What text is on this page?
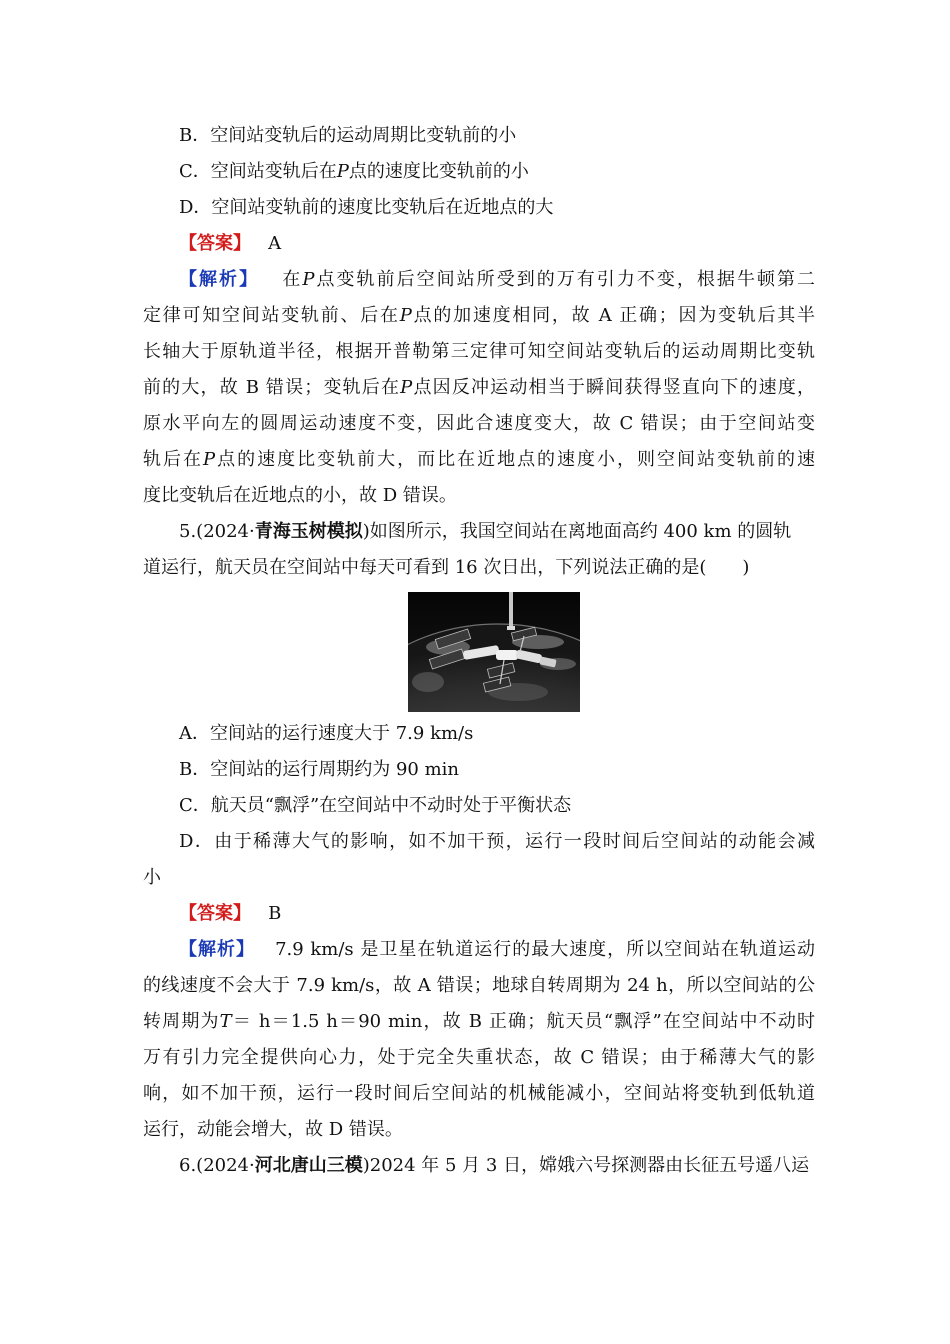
B．空间站变轨后的运动周期比变轨前的小
C．空间站变轨后在P点的速度比变轨前的小
D．空间站变轨前的速度比变轨后在近地点的大
【答案】 A
【解析】 在P点变轨前后空间站所受到的万有引力不变，根据牛顿第二
定律可知空间站变轨前、后在P点的加速度相同，故 A 正确；因为变轨后其半
长轴大于原轨道半径，根据开普勒第三定律可知空间站变轨后的运动周期比变轨
前的大，故 B 错误；变轨后在P点因反冲运动相当于瞬间获得竖直向下的速度，
原水平向左的圆周运动速度不变，因此合速度变大，故 C 错误；由于空间站变
轨后在P点的速度比变轨前大，而比在近地点的速度小，则空间站变轨前的速
度比变轨后在近地点的小，故 D 错误。
5.(2024·青海玉树模拟)如图所示，我国空间站在离地面高约 400 km 的圆轨
道运行，航天员在空间站中每天可看到 16 次日出，下列说法正确的是(　　)
A．空间站的运行速度大于 7.9 km/s
B．空间站的运行周期约为 90 min
C．航天员“飘浮”在空间站中不动时处于平衡状态
D．由于稀薄大气的影响，如不加干预，运行一段时间后空间站的动能会减
小
【答案】 B
【解析】 7.9 km/s 是卫星在轨道运行的最大速度，所以空间站在轨道运动
的线速度不会大于 7.9 km/s，故 A 错误；地球自转周期为 24 h，所以空间站的公
转周期为T＝ h＝1.5 h＝90 min，故 B 正确；航天员“飘浮”在空间站中不动时
万有引力完全提供向心力，处于完全失重状态，故 C 错误；由于稀薄大气的影
响，如不加干预，运行一段时间后空间站的机械能减小，空间站将变轨到低轨道
运行，动能会增大，故 D 错误。
6.(2024·河北唐山三模)2024 年 5 月 3 日，嫦娥六号探测器由长征五号遥八运
